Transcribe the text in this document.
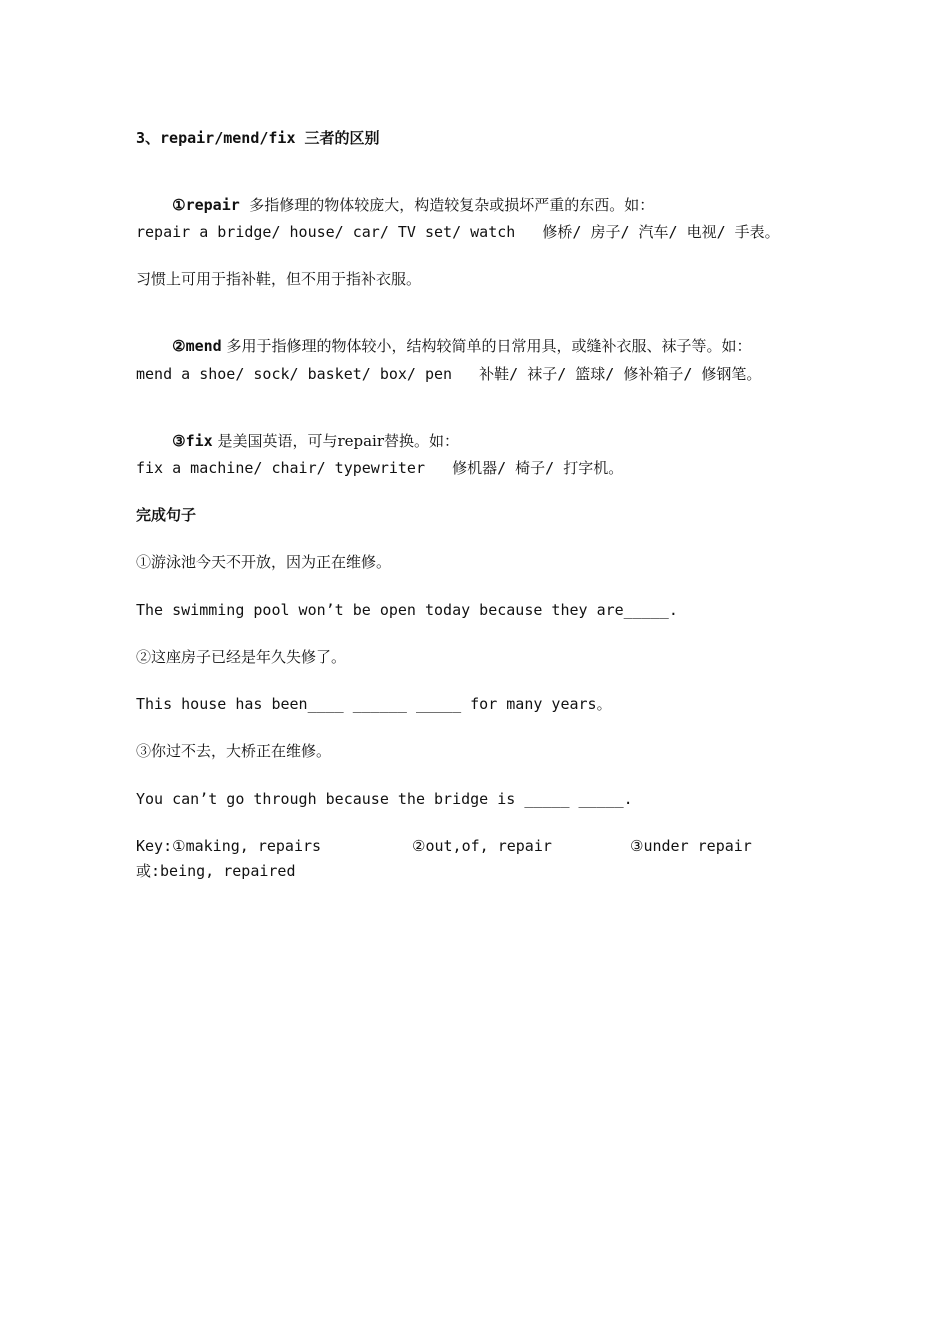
3、repair/mend/fix 三者的区别

①repair  多指修理的物体较庞大，构造较复杂或损坏严重的东西。如：

repair a bridge/ house/ car/ TV set/ watch   修桥/ 房子/ 汽车/ 电视/ 手表。
习惯上可用于指补鞋，但不用于指补衣服。

②mend 多用于指修理的物体较小，结构较简单的日常用具，或缝补衣服、袜子等。如：

mend a shoe/ sock/ basket/ box/ pen   补鞋/ 袜子/ 篮球/ 修补箱子/ 修钢笔。

③fix 是美国英语，可与repair替换。如：

fix a machine/ chair/ typewriter   修机器/ 椅子/ 打字机。
完成句子
①游泳池今天不开放，因为正在维修。
The swimming pool won’t be open today because they are_____.
②这座房子已经是年久失修了。
This house has been____ ______ _____ for many years。
③你过不去，大桥正在维修。
You can’t go through because the bridge is _____ _____.
Key:①making, repairs	②out,of, repair	③under repair
或:being, repaired
